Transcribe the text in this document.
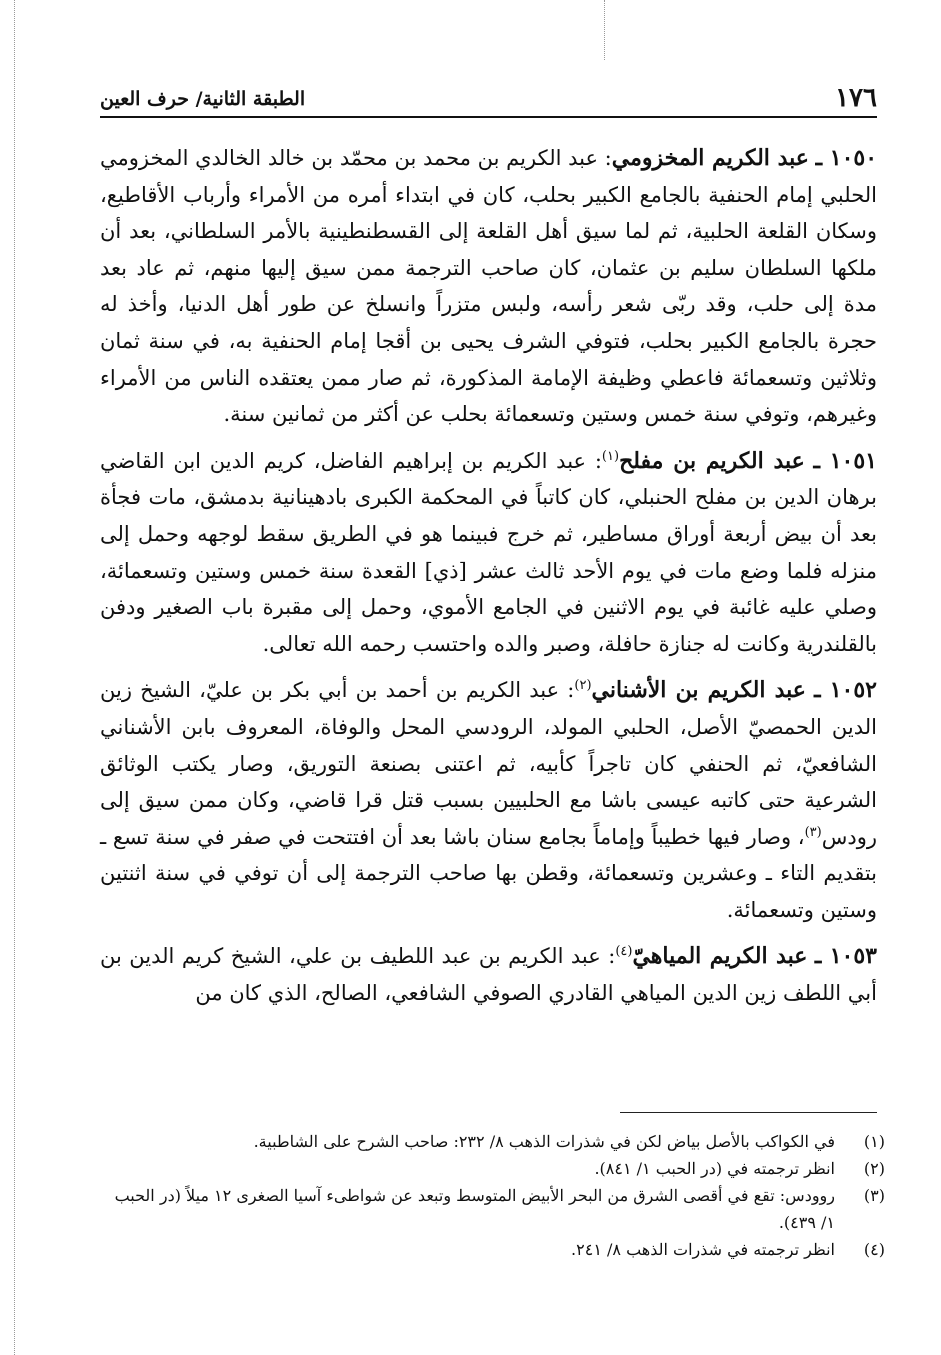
١٧٦
الطبقة الثانية/ حرف العين

١٠٥٠ ـ عبد الكريم المخزومي: عبد الكريم بن محمد بن محمّد بن خالد الخالدي المخزومي الحلبي إمام الحنفية بالجامع الكبير بحلب، كان في ابتداء أمره من الأمراء وأرباب الأقاطيع، وسكان القلعة الحلبية، ثم لما سيق أهل القلعة إلى القسطنطينية بالأمر السلطاني، بعد أن ملكها السلطان سليم بن عثمان، كان صاحب الترجمة ممن سيق إليها منهم، ثم عاد بعد مدة إلى حلب، وقد ربّى شعر رأسه، ولبس متزراً وانسلخ عن طور أهل الدنيا، وأخذ له حجرة بالجامع الكبير بحلب، فتوفي الشرف يحيى بن أقجا إمام الحنفية به، في سنة ثمان وثلاثين وتسعمائة فاعطي وظيفة الإمامة المذكورة، ثم صار ممن يعتقده الناس من الأمراء وغيرهم، وتوفي سنة خمس وستين وتسعمائة بحلب عن أكثر من ثمانين سنة.

١٠٥١ ـ عبد الكريم بن مفلح$^{(١)}$: عبد الكريم بن إبراهيم الفاضل، كريم الدين ابن القاضي برهان الدين بن مفلح الحنبلي، كان كاتباً في المحكمة الكبرى بادهينانية بدمشق، مات فجأة بعد أن بيض أربعة أوراق مساطير، ثم خرج فبينما هو في الطريق سقط لوجهه وحمل إلى منزله فلما وضع مات في يوم الأحد ثالث عشر [ذي] القعدة سنة خمس وستين وتسعمائة، وصلي عليه غائبة في يوم الاثنين في الجامع الأموي، وحمل إلى مقبرة باب الصغير ودفن بالقلندرية وكانت له جنازة حافلة، وصبر والده واحتسب رحمه الله تعالى.

١٠٥٢ ـ عبد الكريم بن الأشناني$^{(٢)}$: عبد الكريم بن أحمد بن أبي بكر بن عليّ، الشيخ زين الدين الحمصيّ الأصل، الحلبي المولد، الرودسي المحل والوفاة، المعروف بابن الأشناني الشافعيّ، ثم الحنفي كان تاجراً كأبيه، ثم اعتنى بصنعة التوريق، وصار يكتب الوثائق الشرعية حتى كاتبه عيسى باشا مع الحلبيين بسبب قتل قرا قاضي، وكان ممن سيق إلى رودس$^{(٣)}$، وصار فيها خطيباً وإماماً بجامع سنان باشا بعد أن افتتحت في صفر في سنة تسع ـ بتقديم التاء ـ وعشرين وتسعمائة، وقطن بها صاحب الترجمة إلى أن توفي في سنة اثنتين وستين وتسعمائة.

١٠٥٣ ـ عبد الكريم المياهيّ$^{(٤)}$: عبد الكريم بن عبد اللطيف بن علي، الشيخ كريم الدين بن أبي اللطف زين الدين المياهي القادري الصوفي الشافعي، الصالح، الذي كان من

(١)
في الكواكب بالأصل بياض لكن في شذرات الذهب ٨/ ٢٣٢: صاحب الشرح على الشاطبية.
(٢)
انظر ترجمته في (در الحبب ١/ ٨٤١).
(٣)
روودس: تقع في أقصى الشرق من البحر الأبيض المتوسط وتبعد عن شواطىء آسيا الصغرى ١٢ ميلاً (در الحبب ١/ ٤٣٩).
(٤)
انظر ترجمته في شذرات الذهب ٨/ ٢٤١.
